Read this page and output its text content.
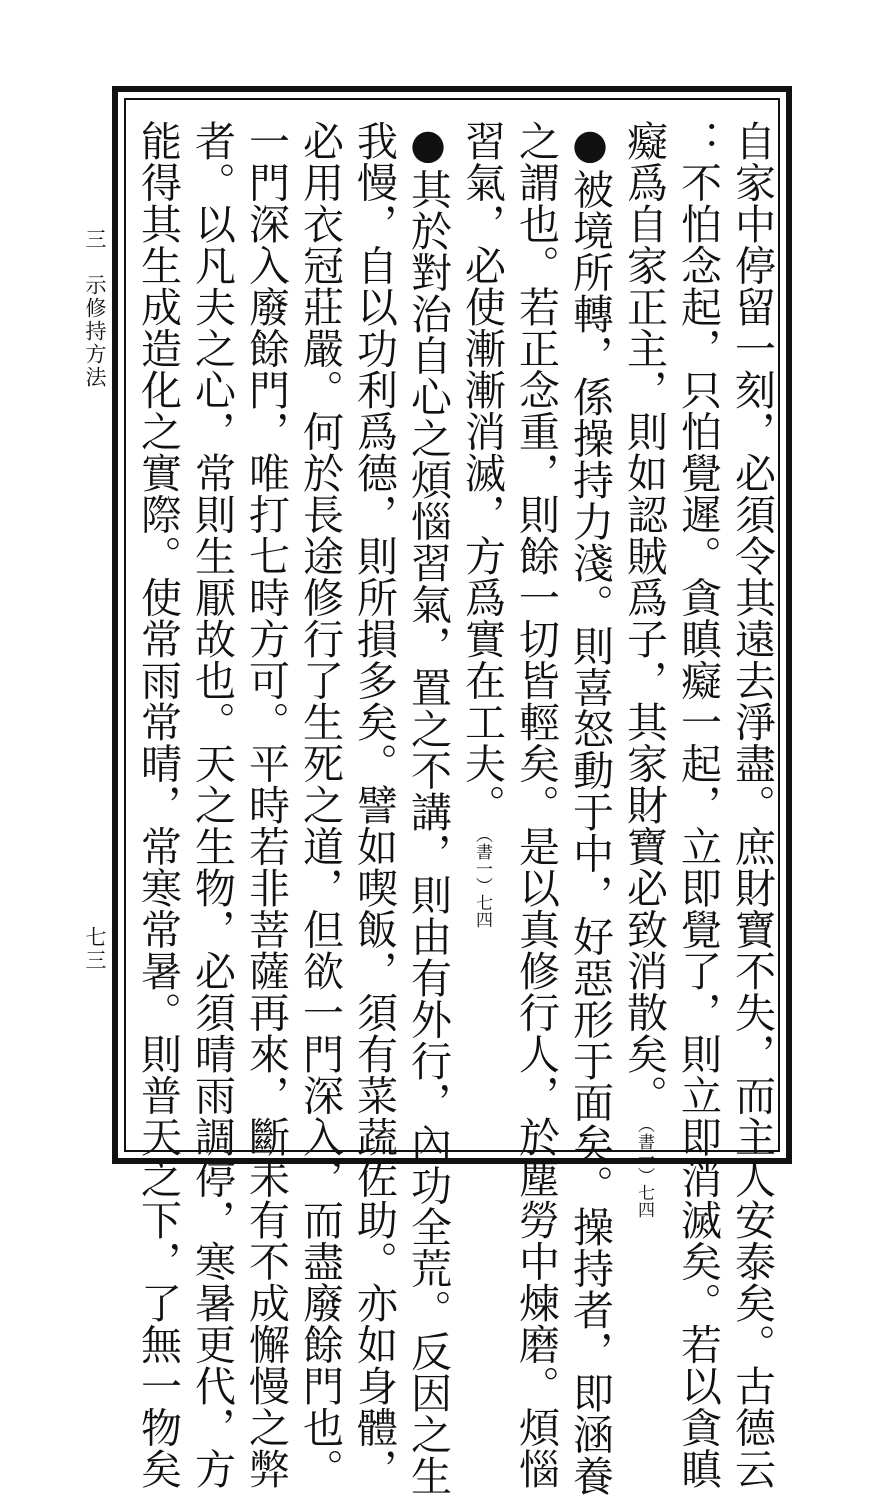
三　示修持方法
七三	自家中停留一刻，必須令其遠去淨盡。庶財寶不失，而主人安泰矣。古德云
：不怕念起，只怕覺遲。貪瞋癡一起，立即覺了，則立即消滅矣。若以貪瞋
癡爲自家正主，則如認賊爲子，其家財寶必致消散矣。（書一）七四
●被境所轉，係操持力淺。則喜怒動于中，好惡形于面矣。操持者，即涵養
之謂也。若正念重，則餘一切皆輕矣。是以真修行人，於塵勞中煉磨。煩惱
習氣，必使漸漸消滅，方爲實在工夫。（書一）七四
●其於對治自心之煩惱習氣，置之不講，則由有外行，內功全荒。反因之生
我慢，自以功利爲德，則所損多矣。譬如喫飯，須有菜蔬佐助。亦如身體，
必用衣冠莊嚴。何於長途修行了生死之道，但欲一門深入，而盡廢餘門也。
一門深入廢餘門，唯打七時方可。平時若非菩薩再來，斷未有不成懈慢之弊
者。以凡夫之心，常則生厭故也。天之生物，必須晴雨調停，寒暑更代，方
能得其生成造化之實際。使常雨常晴，常寒常暑。則普天之下，了無一物矣
